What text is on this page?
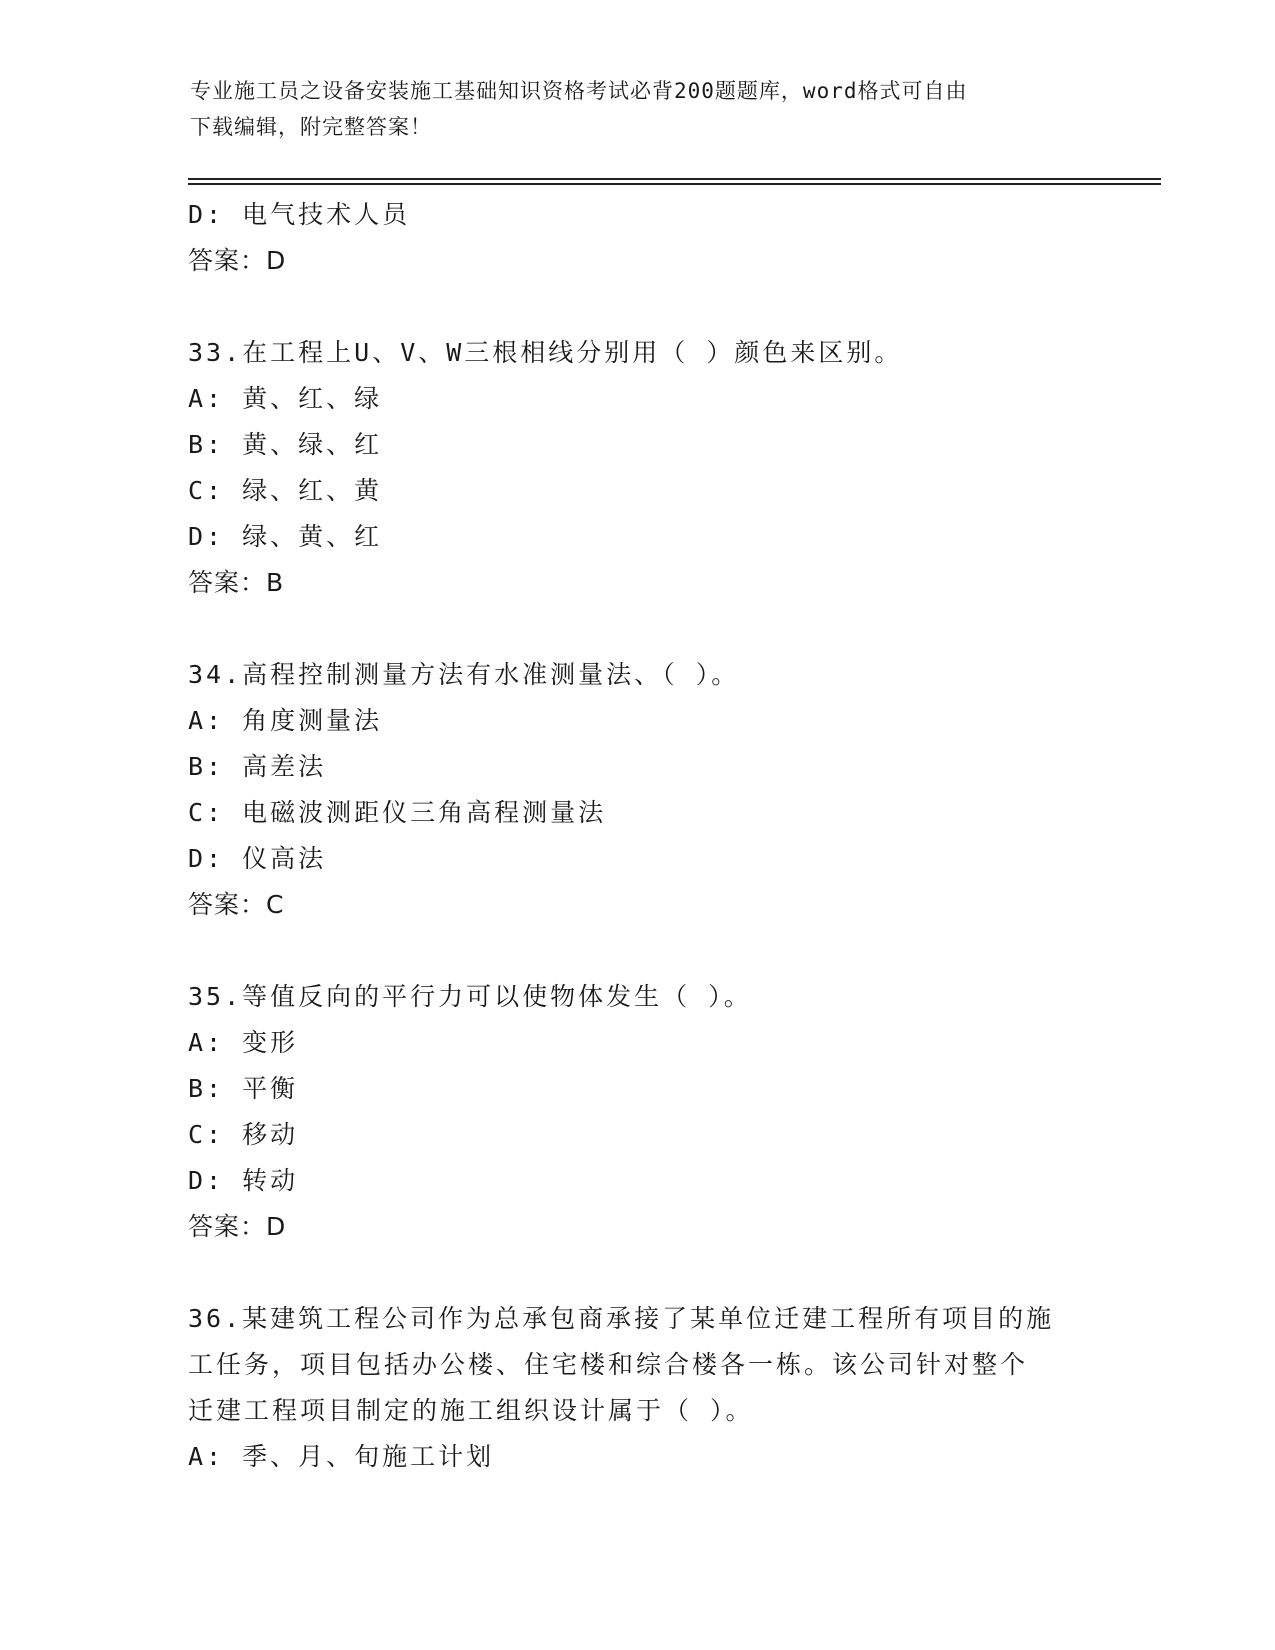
专业施工员之设备安装施工基础知识资格考试必背200题题库，word格式可自由
下载编辑，附完整答案！
D: 电气技术人员
答案：D
33.在工程上U、V、W三根相线分别用（ ）颜色来区别。
A: 黄、红、绿
B: 黄、绿、红
C: 绿、红、黄
D: 绿、黄、红
答案：B
34.高程控制测量方法有水准测量法、（ ）。
A: 角度测量法
B: 高差法
C: 电磁波测距仪三角高程测量法
D: 仪高法
答案：C
35.等值反向的平行力可以使物体发生（ ）。
A: 变形
B: 平衡
C: 移动
D: 转动
答案：D
36.某建筑工程公司作为总承包商承接了某单位迁建工程所有项目的施
工任务，项目包括办公楼、住宅楼和综合楼各一栋。该公司针对整个
迁建工程项目制定的施工组织设计属于（ ）。
A: 季、月、旬施工计划
